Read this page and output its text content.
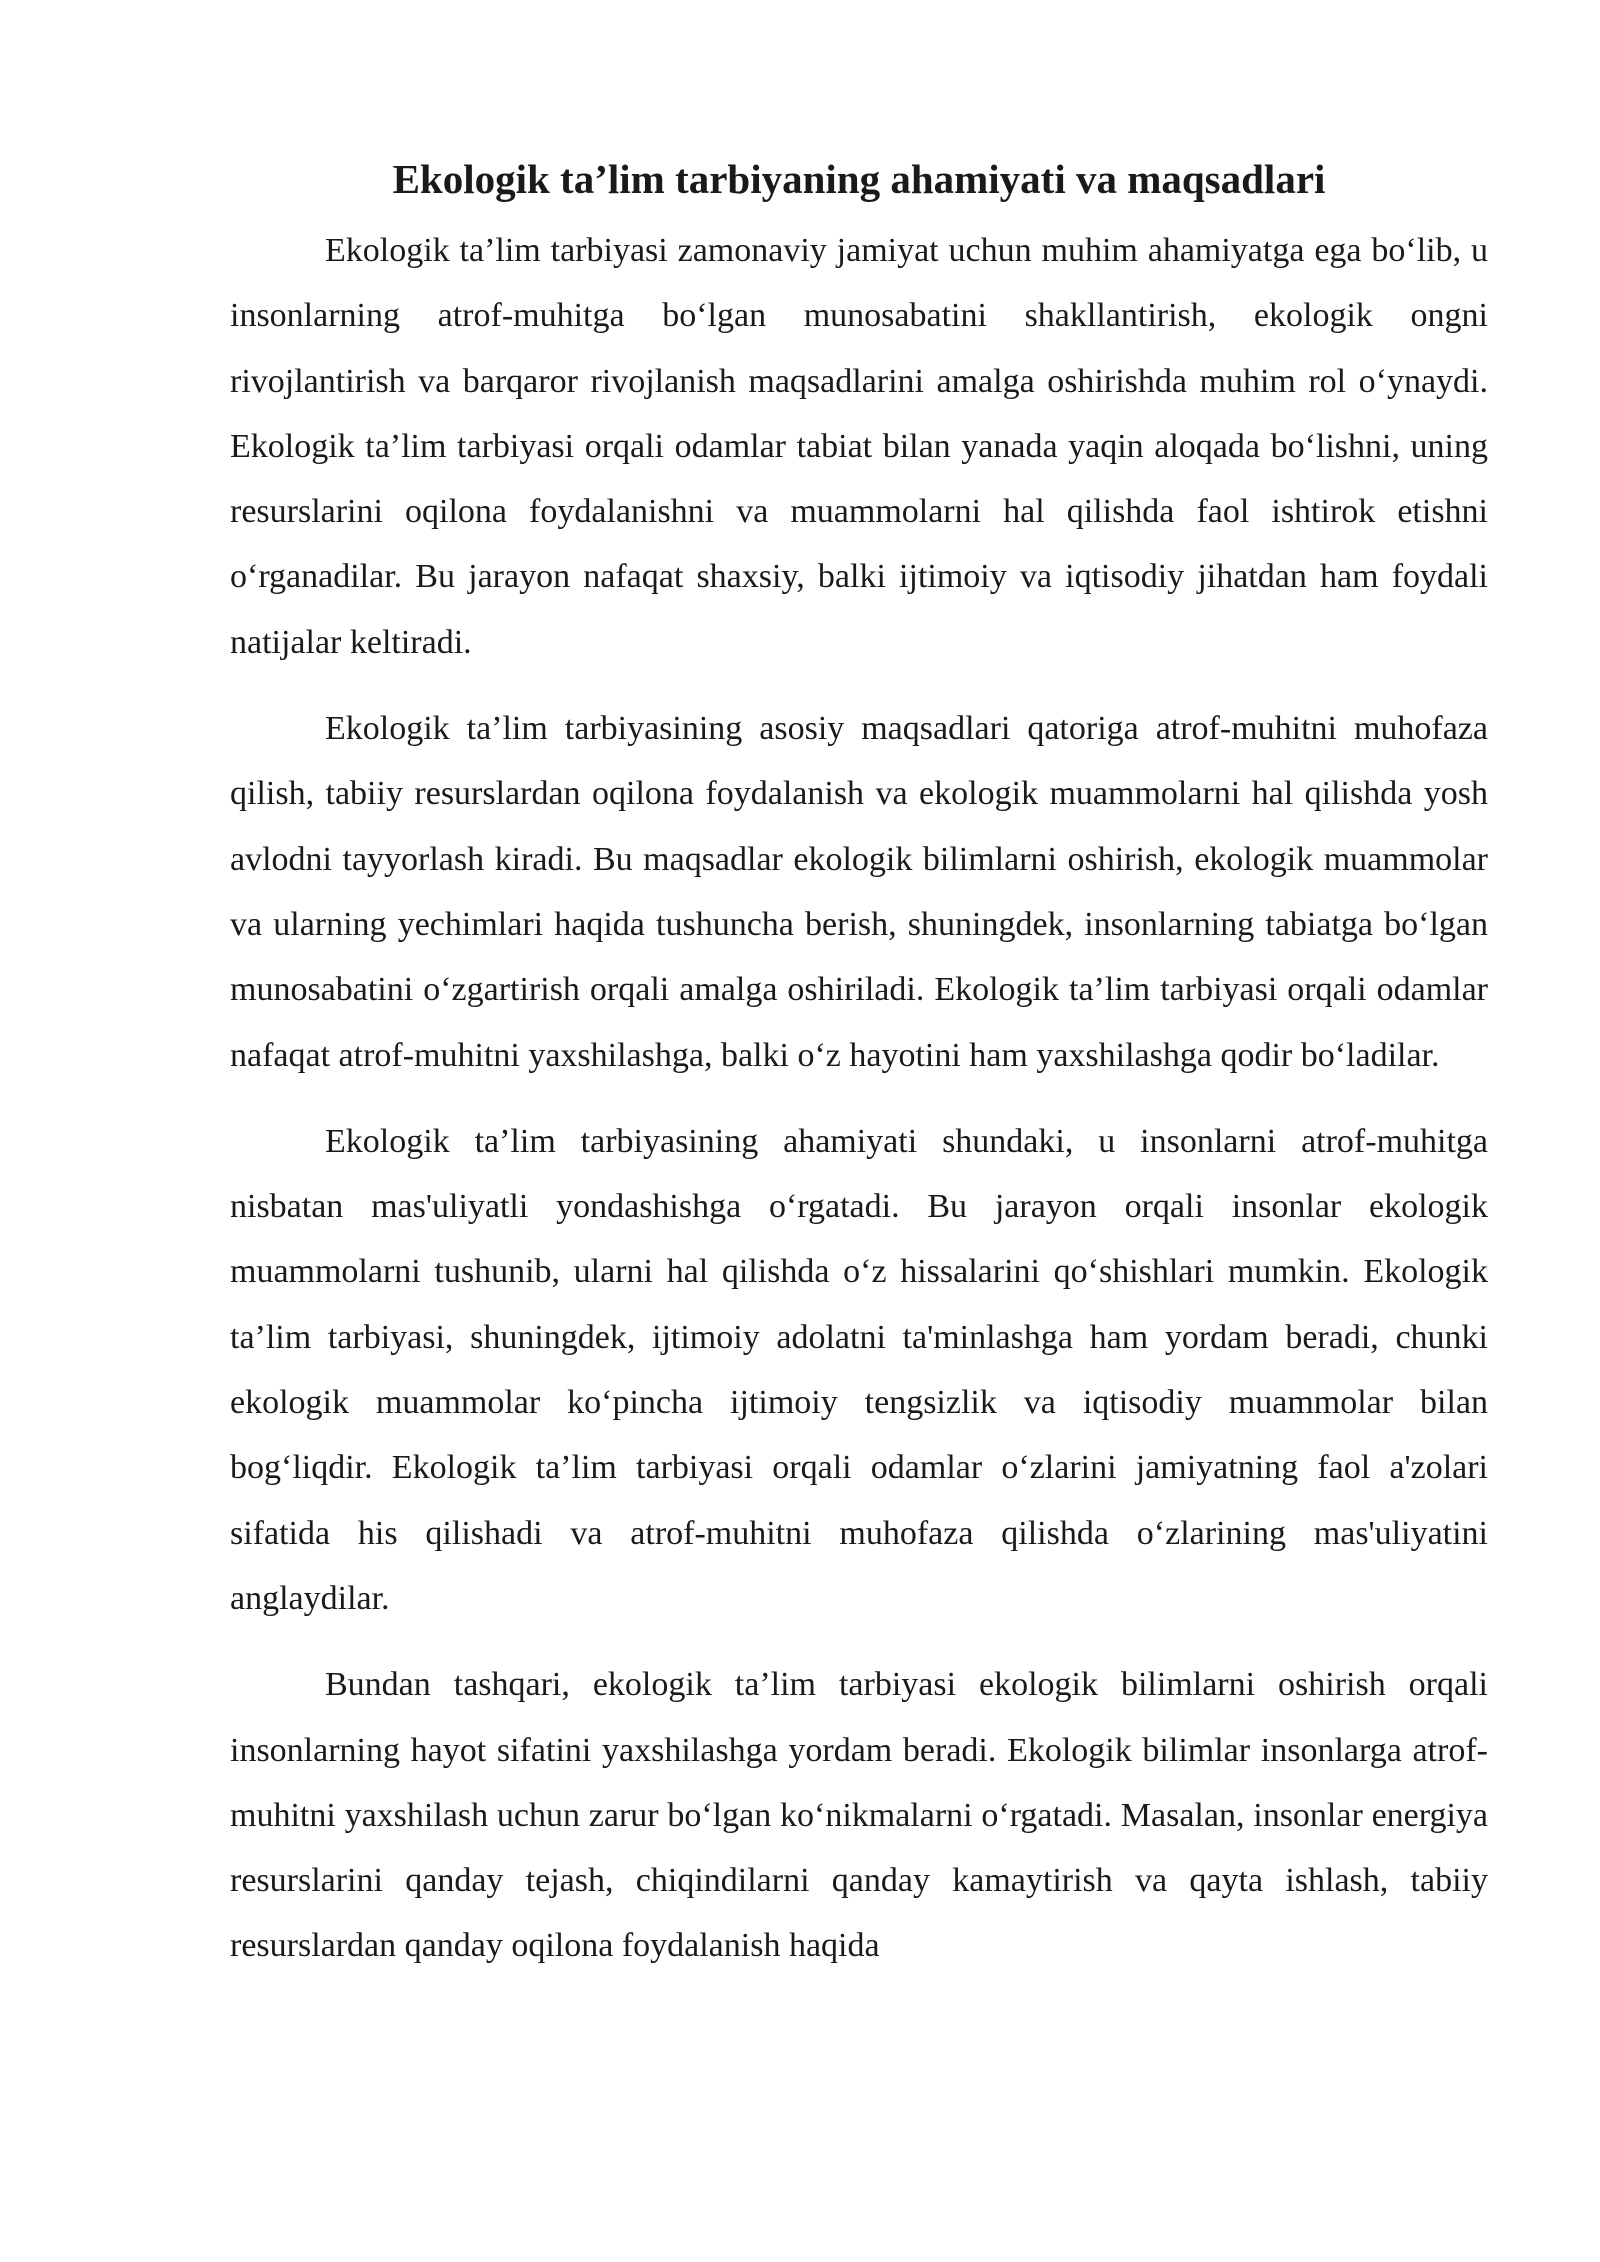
Ekologik ta’lim tarbiyaning ahamiyati va maqsadlari

Ekologik ta’lim tarbiyasi zamonaviy jamiyat uchun muhim ahamiyatga ega bo‘lib, u insonlarning atrof-muhitga bo‘lgan munosabatini shakllantirish, ekologik ongni rivojlantirish va barqaror rivojlanish maqsadlarini amalga oshirishda muhim rol o‘ynaydi. Ekologik ta’lim tarbiyasi orqali odamlar tabiat bilan yanada yaqin aloqada bo‘lishni, uning resurslarini oqilona foydalanishni va muammolarni hal qilishda faol ishtirok etishni o‘rganadilar. Bu jarayon nafaqat shaxsiy, balki ijtimoiy va iqtisodiy jihatdan ham foydali natijalar keltiradi.

Ekologik ta’lim tarbiyasining asosiy maqsadlari qatoriga atrof-muhitni muhofaza qilish, tabiiy resurslardan oqilona foydalanish va ekologik muammolarni hal qilishda yosh avlodni tayyorlash kiradi. Bu maqsadlar ekologik bilimlarni oshirish, ekologik muammolar va ularning yechimlari haqida tushuncha berish, shuningdek, insonlarning tabiatga bo‘lgan munosabatini o‘zgartirish orqali amalga oshiriladi. Ekologik ta’lim tarbiyasi orqali odamlar nafaqat atrof-muhitni yaxshilashga, balki o‘z hayotini ham yaxshilashga qodir bo‘ladilar.

Ekologik ta’lim tarbiyasining ahamiyati shundaki, u insonlarni atrof-muhitga nisbatan mas'uliyatli yondashishga o‘rgatadi. Bu jarayon orqali insonlar ekologik muammolarni tushunib, ularni hal qilishda o‘z hissalarini qo‘shishlari mumkin. Ekologik ta’lim tarbiyasi, shuningdek, ijtimoiy adolatni ta'minlashga ham yordam beradi, chunki ekologik muammolar ko‘pincha ijtimoiy tengsizlik va iqtisodiy muammolar bilan bog‘liqdir. Ekologik ta’lim tarbiyasi orqali odamlar o‘zlarini jamiyatning faol a'zolari sifatida his qilishadi va atrof-muhitni muhofaza qilishda o‘zlarining mas'uliyatini anglaydilar.

Bundan tashqari, ekologik ta’lim tarbiyasi ekologik bilimlarni oshirish orqali insonlarning hayot sifatini yaxshilashga yordam beradi. Ekologik bilimlar insonlarga atrof-muhitni yaxshilash uchun zarur bo‘lgan ko‘nikmalarni o‘rgatadi. Masalan, insonlar energiya resurslarini qanday tejash, chiqindilarni qanday kamaytirish va qayta ishlash, tabiiy resurslardan qanday oqilona foydalanish haqida
